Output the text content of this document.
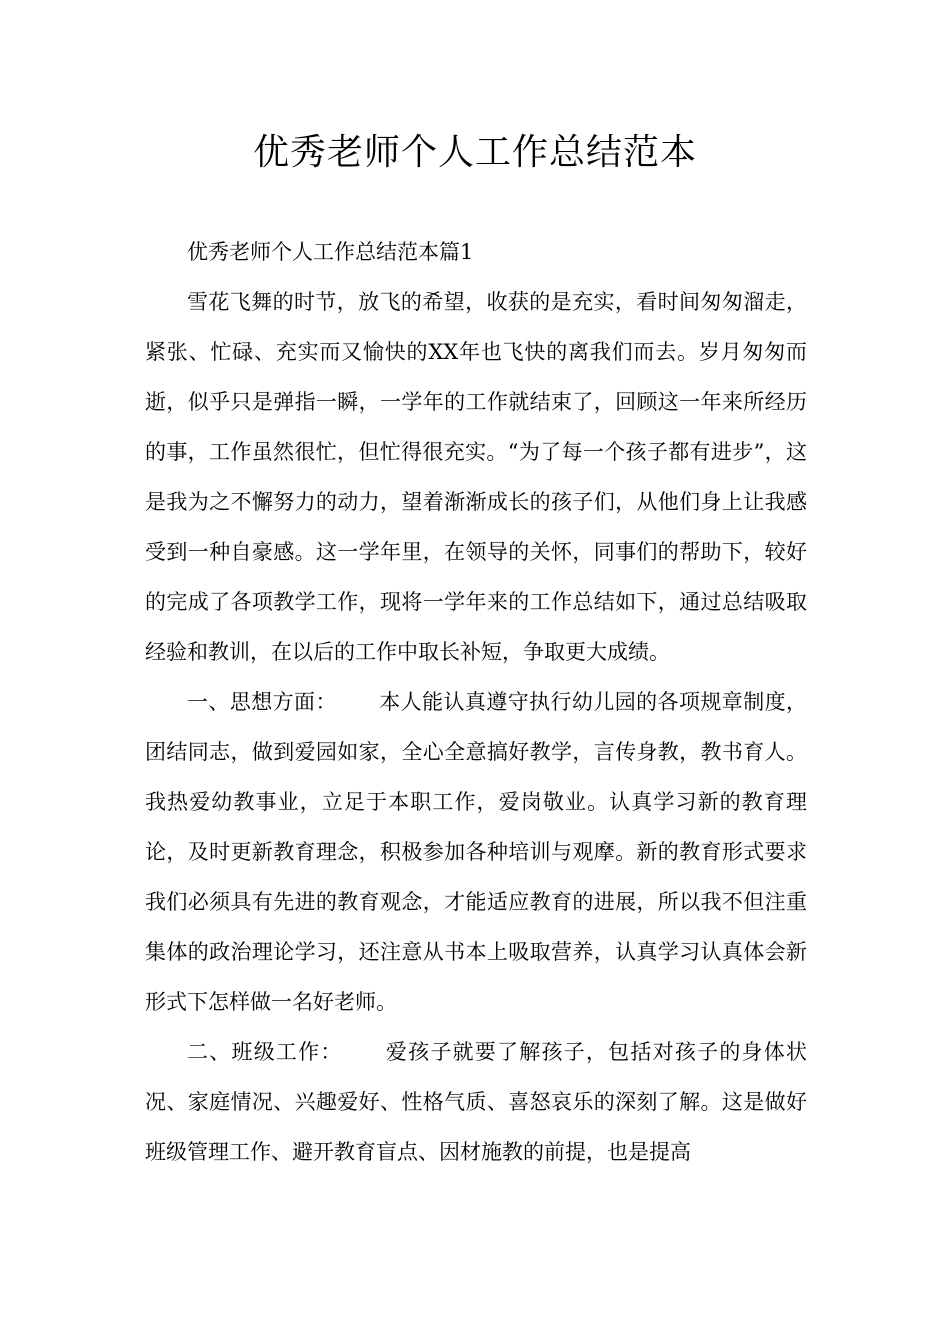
优秀老师个人工作总结范本

优秀老师个人工作总结范本篇1

雪花飞舞的时节，放飞的希望，收获的是充实，看时间匆匆溜走，紧张、忙碌、充实而又愉快的XX年也飞快的离我们而去。岁月匆匆而逝，似乎只是弹指一瞬，一学年的工作就结束了，回顾这一年来所经历的事，工作虽然很忙，但忙得很充实。“为了每一个孩子都有进步”，这是我为之不懈努力的动力，望着渐渐成长的孩子们，从他们身上让我感受到一种自豪感。这一学年里，在领导的关怀，同事们的帮助下，较好的完成了各项教学工作，现将一学年来的工作总结如下，通过总结吸取经验和教训，在以后的工作中取长补短，争取更大成绩。

一、思想方面： 本人能认真遵守执行幼儿园的各项规章制度，团结同志，做到爱园如家，全心全意搞好教学，言传身教，教书育人。我热爱幼教事业，立足于本职工作，爱岗敬业。认真学习新的教育理论，及时更新教育理念，积极参加各种培训与观摩。新的教育形式要求我们必须具有先进的教育观念，才能适应教育的进展，所以我不但注重集体的政治理论学习，还注意从书本上吸取营养，认真学习认真体会新形式下怎样做一名好老师。

二、班级工作： 爱孩子就要了解孩子，包括对孩子的身体状况、家庭情况、兴趣爱好、性格气质、喜怒哀乐的深刻了解。这是做好班级管理工作、避开教育盲点、因材施教的前提，也是提高
